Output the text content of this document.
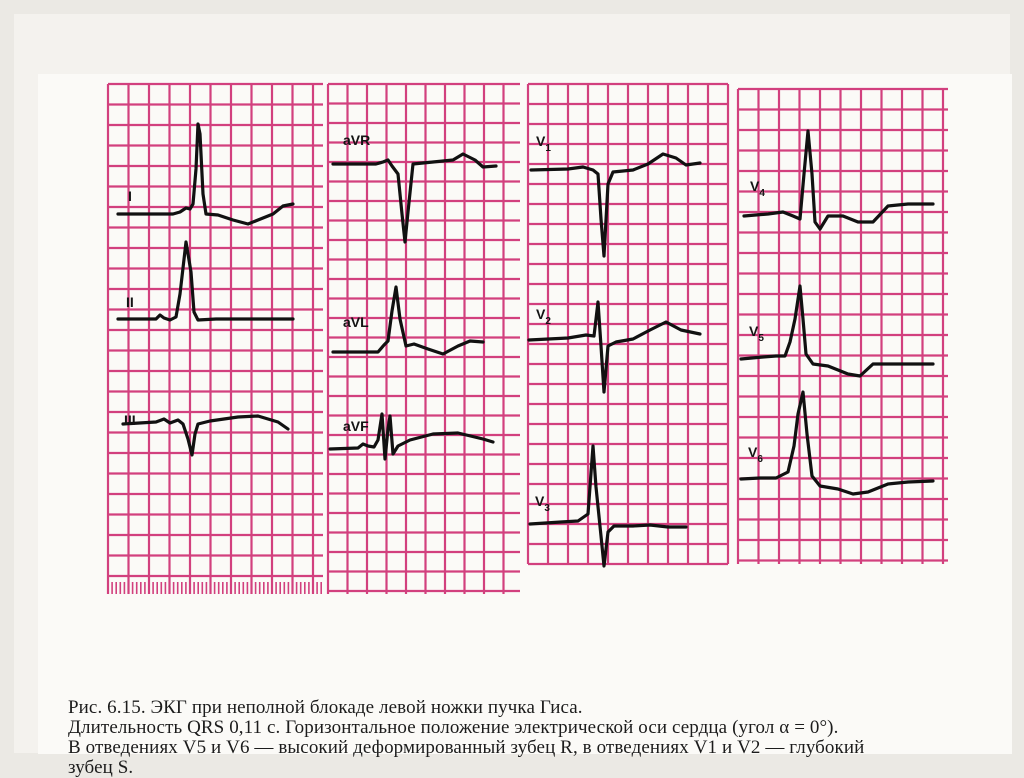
I
II
III
aVR
aVL
aVF
$V_1$
$V_2$
$V_3$
$V_4$
$V_5$
$V_6$
Рис. 6.15. ЭКГ при неполной блокаде левой ножки пучка Гиса.
Длительность QRS 0,11 с. Горизонтальное положение электрической оси сердца (угол α = 0°).
В отведениях V5 и V6 — высокий деформированный зубец R, в отведениях V1 и V2 — глубокий
зубец S.
